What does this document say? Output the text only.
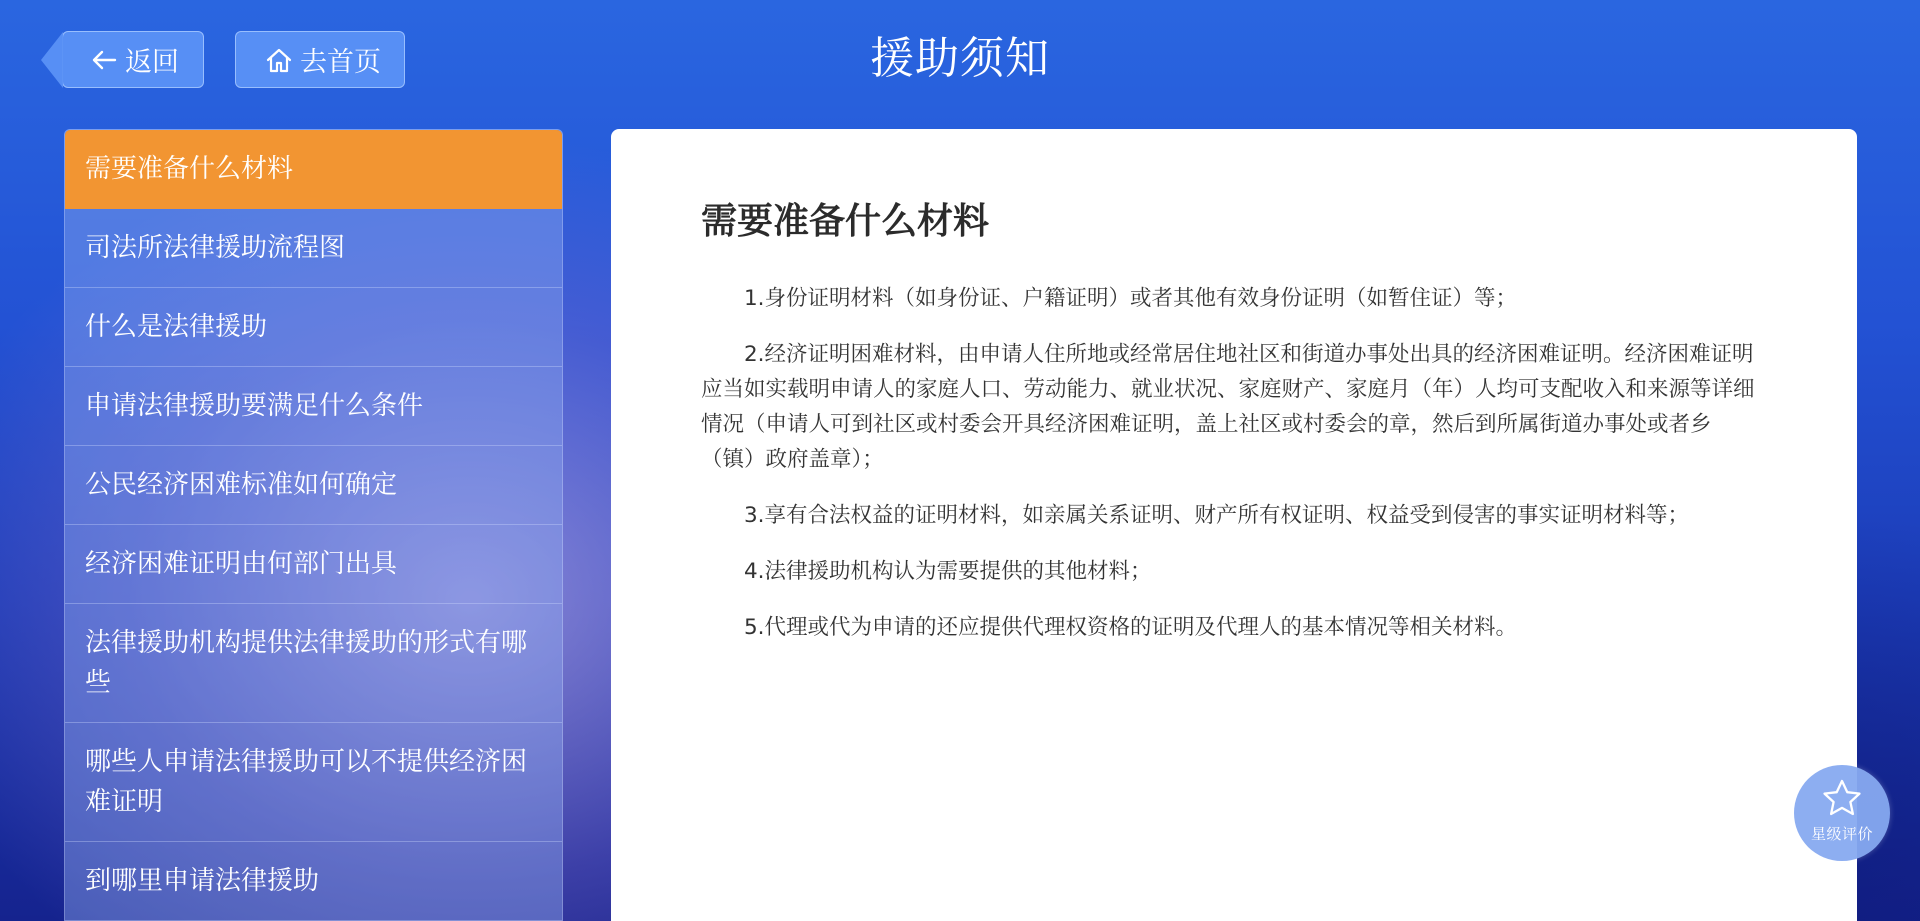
返回	去首页	援助须知
需要准备什么材料
司法所法律援助流程图
什么是法律援助
申请法律援助要满足什么条件
公民经济困难标准如何确定
经济困难证明由何部门出具
法律援助机构提供法律援助的形式有哪些
哪些人申请法律援助可以不提供经济困难证明
到哪里申请法律援助
需要准备什么材料

1.身份证明材料（如身份证、户籍证明）或者其他有效身份证明（如暂住证）等；

2.经济证明困难材料，由申请人住所地或经常居住地社区和街道办事处出具的经济困难证明。经济困难证明应当如实载明申请人的家庭人口、劳动能力、就业状况、家庭财产、家庭月（年）人均可支配收入和来源等详细情况（申请人可到社区或村委会开具经济困难证明，盖上社区或村委会的章，然后到所属街道办事处或者乡（镇）政府盖章）；

3.享有合法权益的证明材料，如亲属关系证明、财产所有权证明、权益受到侵害的事实证明材料等；

4.法律援助机构认为需要提供的其他材料；

5.代理或代为申请的还应提供代理权资格的证明及代理人的基本情况等相关材料。

星级评价
